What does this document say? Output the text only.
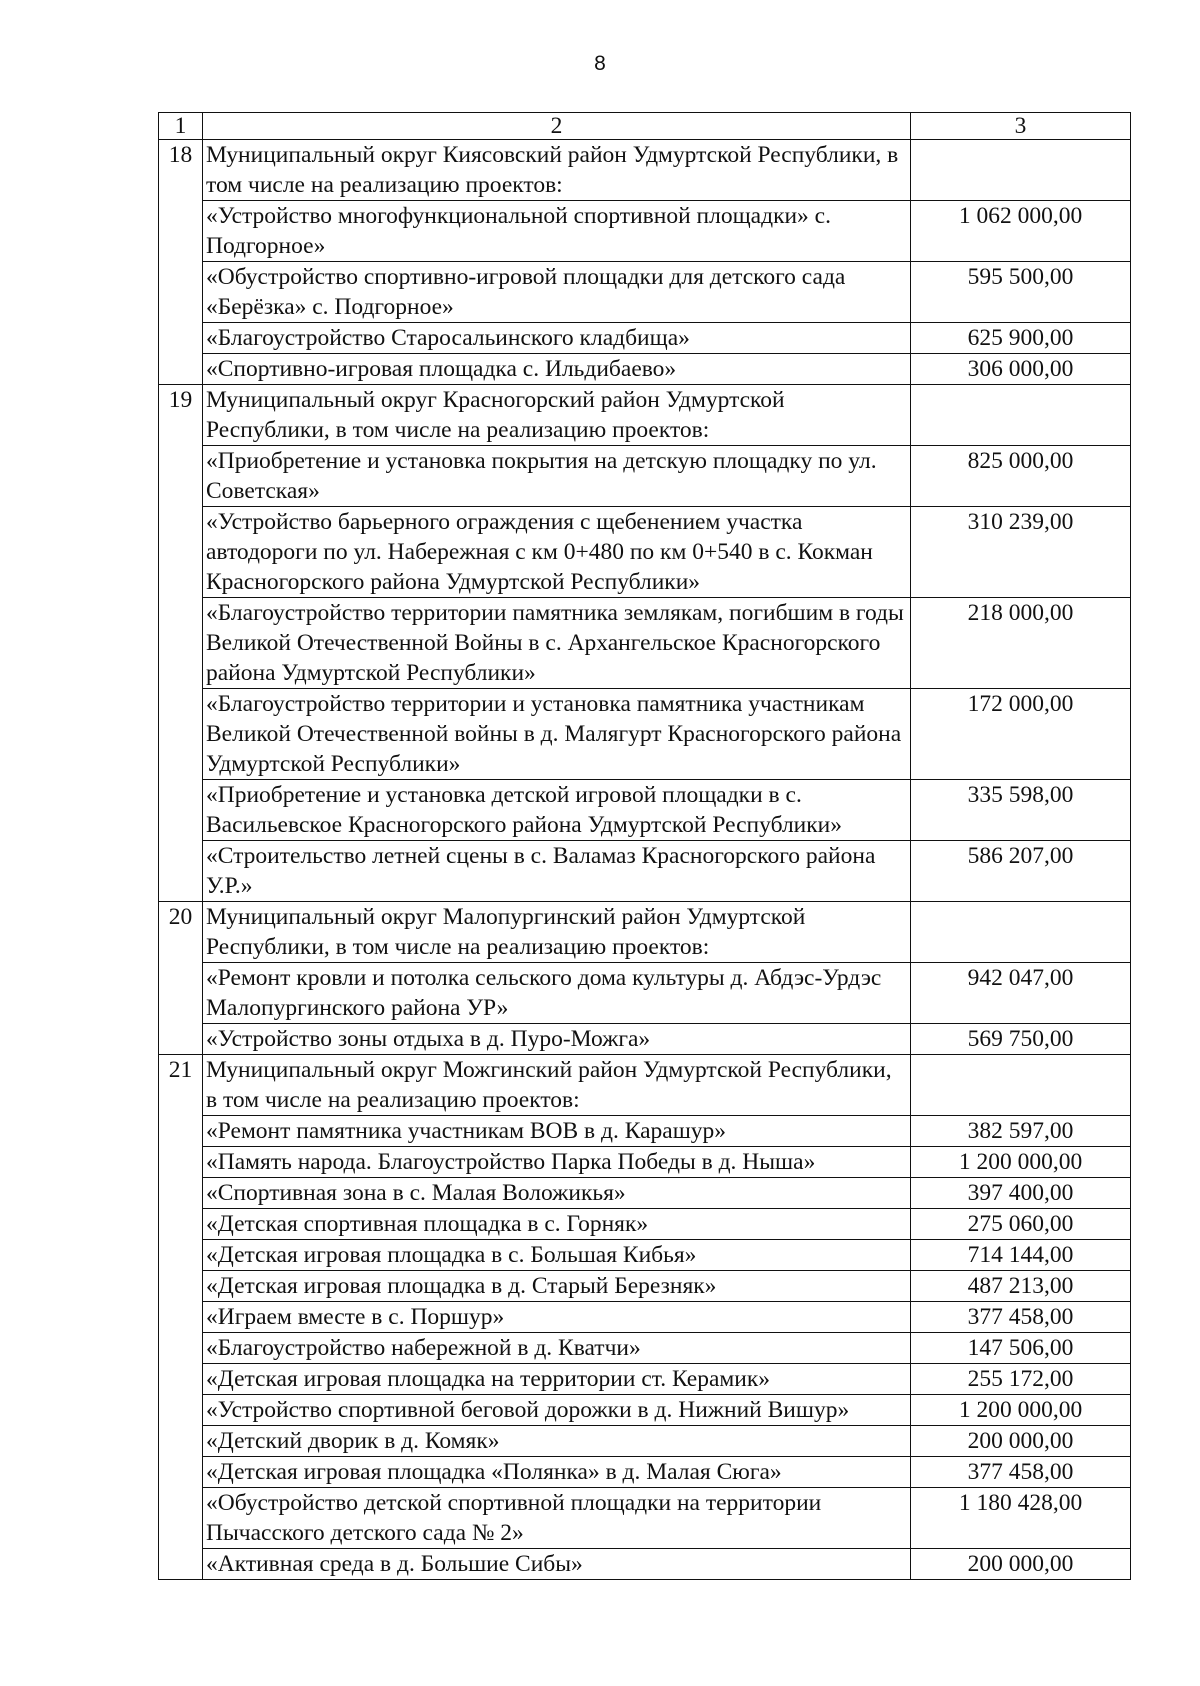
8
1	2	3
18	Муниципальный округ Киясовский район Удмуртской Республики, в том числе на реализацию проектов:	
	«Устройство многофункциональной спортивной площадки» с. Подгорное»	1 062 000,00
	«Обустройство спортивно-игровой площадки для детского сада «Берёзка» с. Подгорное»	595 500,00
	«Благоустройство Старосальинского кладбища»	625 900,00
	«Спортивно-игровая площадка с. Ильдибаево»	306 000,00
19	Муниципальный округ Красногорский район Удмуртской Республики, в том числе на реализацию проектов:	
	«Приобретение и установка покрытия на детскую площадку по ул. Советская»	825 000,00
	«Устройство барьерного ограждения с щебенением участка автодороги по ул. Набережная с км 0+480 по км 0+540 в с. Кокман Красногорского района Удмуртской Республики»	310 239,00
	«Благоустройство территории памятника землякам, погибшим в годы Великой Отечественной Войны в с. Архангельское Красногорского района Удмуртской Республики»	218 000,00
	«Благоустройство территории и установка памятника участникам Великой Отечественной войны в д. Малягурт Красногорского района Удмуртской Республики»	172 000,00
	«Приобретение и установка детской игровой площадки в с. Васильевское Красногорского района Удмуртской Республики»	335 598,00
	«Строительство летней сцены в с. Валамаз Красногорского района У.Р.»	586 207,00
20	Муниципальный округ Малопургинский район Удмуртской Республики, в том числе на реализацию проектов:	
	«Ремонт кровли и потолка сельского дома культуры д. Абдэс-Урдэс Малопургинского района УР»	942 047,00
	«Устройство зоны отдыха в д. Пуро-Можга»	569 750,00
21	Муниципальный округ Можгинский район Удмуртской Республики, в том числе на реализацию проектов:	
	«Ремонт памятника участникам ВОВ в д. Карашур»	382 597,00
	«Память народа. Благоустройство Парка Победы в д. Ныша»	1 200 000,00
	«Спортивная зона в с. Малая Воложикья»	397 400,00
	«Детская спортивная площадка в с. Горняк»	275 060,00
	«Детская игровая площадка в с. Большая Кибья»	714 144,00
	«Детская игровая площадка в д. Старый Березняк»	487 213,00
	«Играем вместе в с. Поршур»	377 458,00
	«Благоустройство набережной в д. Кватчи»	147 506,00
	«Детская игровая площадка на территории ст. Керамик»	255 172,00
	«Устройство спортивной беговой дорожки в д. Нижний Вишур»	1 200 000,00
	«Детский дворик в д. Комяк»	200 000,00
	«Детская игровая площадка «Полянка» в д. Малая Сюга»	377 458,00
	«Обустройство детской спортивной площадки на территории Пычасского детского сада № 2»	1 180 428,00
	«Активная среда в д. Большие Сибы»	200 000,00
